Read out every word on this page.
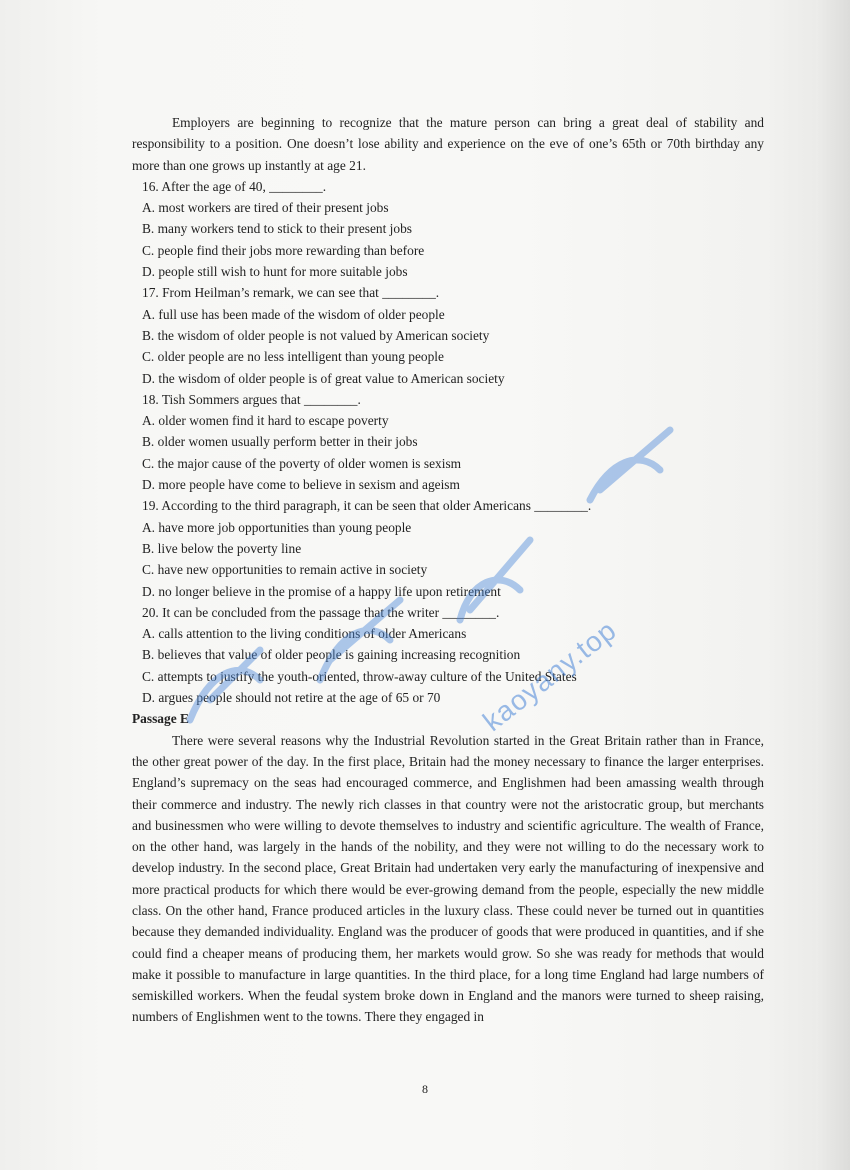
Employers are beginning to recognize that the mature person can bring a great deal of stability and responsibility to a position. One doesn’t lose ability and experience on the eve of one’s 65th or 70th birthday any more than one grows up instantly at age 21.

16. After the age of 40, ________.

A. most workers are tired of their present jobs

B. many workers tend to stick to their present jobs

C. people find their jobs more rewarding than before

D. people still wish to hunt for more suitable jobs

17. From Heilman’s remark, we can see that ________.

A. full use has been made of the wisdom of older people

B. the wisdom of older people is not valued by American society

C. older people are no less intelligent than young people

D. the wisdom of older people is of great value to American society

18. Tish Sommers argues that ________.

A. older women find it hard to escape poverty

B. older women usually perform better in their jobs

C. the major cause of the poverty of older women is sexism

D. more people have come to believe in sexism and ageism

19. According to the third paragraph, it can be seen that older Americans ________.

A. have more job opportunities than young people

B. live below the poverty line

C. have new opportunities to remain active in society

D. no longer believe in the promise of a happy life upon retirement

20. It can be concluded from the passage that the writer ________.

A. calls attention to the living conditions of older Americans

B. believes that value of older people is gaining increasing recognition

C. attempts to justify the youth-oriented, throw-away culture of the United States

D. argues people should not retire at the age of 65 or 70

Passage E

There were several reasons why the Industrial Revolution started in the Great Britain rather than in France, the other great power of the day. In the first place, Britain had the money necessary to finance the larger enterprises. England’s supremacy on the seas had encouraged commerce, and Englishmen had been amassing wealth through their commerce and industry. The newly rich classes in that country were not the aristocratic group, but merchants and businessmen who were willing to devote themselves to industry and scientific agriculture. The wealth of France, on the other hand, was largely in the hands of the nobility, and they were not willing to do the necessary work to develop industry. In the second place, Great Britain had undertaken very early the manufacturing of inexpensive and more practical products for which there would be ever-growing demand from the people, especially the new middle class. On the other hand, France produced articles in the luxury class. These could never be turned out in quantities because they demanded individuality. England was the producer of goods that were produced in quantities, and if she could find a cheaper means of producing them, her markets would grow. So she was ready for methods that would make it possible to manufacture in large quantities. In the third place, for a long time England had large numbers of semiskilled workers. When the feudal system broke down in England and the manors were turned to sheep raising, numbers of Englishmen went to the towns. There they engaged in

kaoyany.top
8
